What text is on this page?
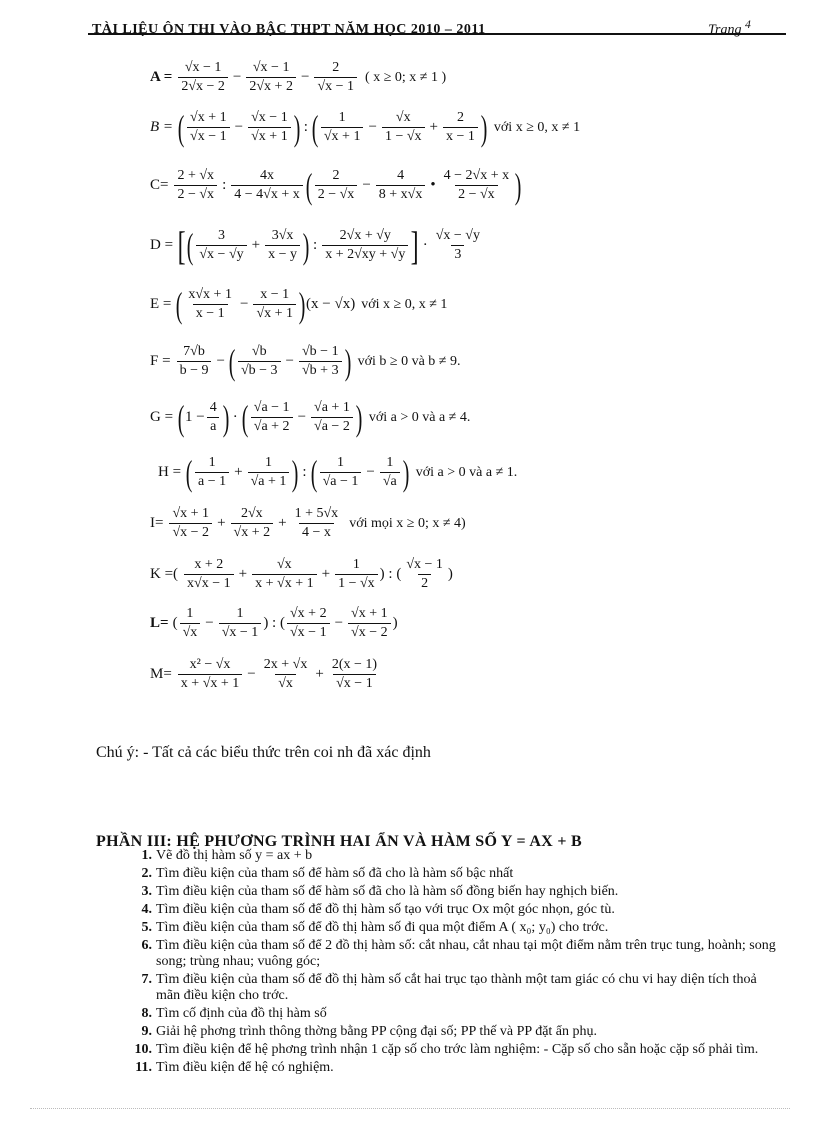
TÀI LIỆU ÔN THI VÀO BẬC THPT NĂM HỌC 2010 – 2011	Trang $^4$
$A = \frac{√x - 1}{2√x - 2} - \frac{√x - 1}{2√x + 2} - \frac{2}{√x - 1}$ ( x ≥ 0; x ≠ 1 )
B = ( $\frac{√x + 1}{√x - 1} - \frac{√x - 1}{√x + 1}$ ) : ( $\frac{1}{√x + 1} - \frac{√x}{1 - √x} + \frac{2}{x - 1}$ ) với x ≥ 0, x ≠ 1
$C= \frac{2 + √x}{2 - √x}$ : $\frac{4x}{4 - 4√x + x}$ ( $\frac{2}{2 - √x} - \frac{4}{8 + x√x}$ • $\frac{4 - 2√x + x}{2 - √x}$ )
D = [ ( $\frac{3}{√x - √y} + \frac{3√x}{x - y}$ ) : $\frac{2√x + √y}{x + 2√xy + √y}$ ] · $\frac{√x - √y}{3}$
E = ( $\frac{x√x + 1}{x - 1} - \frac{x - 1}{√x + 1}$ ) (x − √x) với x ≥ 0, x ≠ 1
$F = \frac{7√b}{b - 9}$ − ( $\frac{√b}{√b - 3} - \frac{√b - 1}{√b + 3}$ ) với b ≥ 0 và b ≠ 9.
G = ( $1 - \frac{4}{a}$ ) · ( $\frac{√a - 1}{√a + 2} - \frac{√a + 1}{√a - 2}$ ) với a > 0 và a ≠ 4.
H = ( $\frac{1}{a - 1} + \frac{1}{√a + 1}$ ) : ( $\frac{1}{√a - 1} - \frac{1}{√a}$ ) với a > 0 và a ≠ 1.
$I= \frac{√x + 1}{√x - 2} + \frac{2√x}{√x + 2} + \frac{1 + 5√x}{4 - x}$ với mọi x ≥ 0; x ≠ 4)
K =( $\frac{x + 2}{x√x - 1} + \frac{√x}{x + √x + 1} + \frac{1}{1 - √x}$ ) : ( $\frac{√x - 1}{2}$ )
L= ( $\frac{1}{√x} - \frac{1}{√x - 1}$ ) : ( $\frac{√x + 2}{√x - 1} - \frac{√x + 1}{√x - 2}$ )
$M= \frac{\text{x² − √x}}{x + √x + 1} - \frac{2x + √x}{√x} + \frac{2(x - 1)}{√x - 1}$
Chú ý: - Tất cả các biểu thức trên coi nh đã xác định
PHẦN III: HỆ PHƯƠNG TRÌNH HAI ẨN VÀ HÀM SỐ Y = AX + B
1. Vẽ đồ thị hàm số y = ax + b
2. Tìm điều kiện của tham số để hàm số đã cho là hàm số bậc nhất
3. Tìm điều kiện của tham số để hàm số đã cho là hàm số đồng biến hay nghịch biến.
4. Tìm điều kiện của tham số để đồ thị hàm số tạo với trục Ox một góc nhọn, góc tù.
5. Tìm điều kiện của tham số để đồ thị hàm số đi qua một điểm A ( x₀; y₀) cho trớc.
6. Tìm điều kiện của tham số để 2 đồ thị hàm số: cắt nhau, cắt nhau tại một điểm nằm trên trục tung, hoành; song song; trùng nhau; vuông góc;
7. Tìm điều kiện của tham số để đồ thị hàm số cắt hai trục tạo thành một tam giác có chu vi hay diện tích thoả mãn điều kiện cho trớc.
8. Tìm cố định của đồ thị hàm số
9. Giải hệ phơng trình thông thờng bằng PP cộng đại số; PP thế và PP đặt ẩn phụ.
10. Tìm điều kiện để hệ phơng trình nhận 1 cặp số cho trớc làm nghiệm: - Cặp số cho sẵn hoặc cặp số phải tìm.
11. Tìm điều kiện để hệ có nghiệm.
